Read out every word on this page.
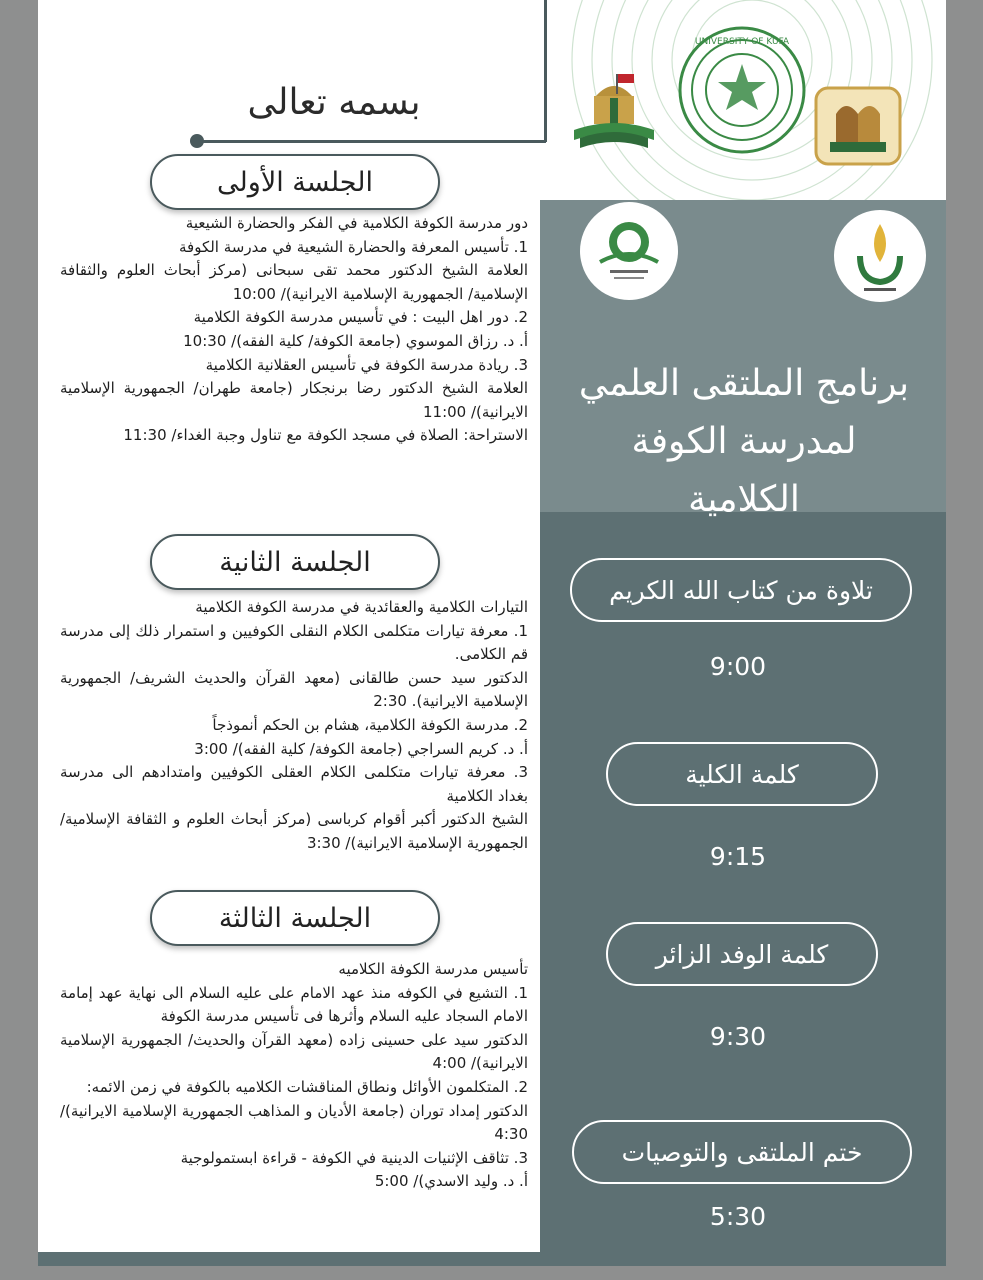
UNIVERSITY OF KUFA
بسمه تعالى
برنامج الملتقى العلمي
لمدرسة الكوفة
الكلامية
تلاوة من كتاب الله الكريم
9:00
كلمة الكلية
9:15
كلمة الوفد الزائر
9:30
ختم الملتقى والتوصيات
5:30
الجلسة الأولى

دور مدرسة الكوفة الكلامية في الفكر والحضارة الشيعية

1. تأسيس المعرفة والحضارة الشيعية في مدرسة الكوفة

العلامة الشيخ الدكتور محمد تقى سبحانى (مركز أبحاث العلوم والثقافة الإسلامية/ الجمهورية الإسلامية الايرانية)/ 10:00

2. دور اهل البيت : في تأسيس مدرسة الكوفة الكلامية

أ. د. رزاق الموسوي (جامعة الكوفة/ كلية الفقه)/ 10:30

3. ريادة مدرسة الكوفة في تأسيس العقلانية الكلامية

العلامة الشيخ الدكتور رضا برنجكار (جامعة طهران/ الجمهورية الإسلامية الايرانية)/ 11:00

الاستراحة: الصلاة في مسجد الكوفة مع تناول وجبة الغداء/ 11:30

الجلسة الثانية

التيارات الكلامية والعقائدية في مدرسة الكوفة الكلامية

1. معرفة تيارات متكلمى الكلام النقلى الكوفيين و استمرار ذلك إلى مدرسة قم الكلامى.

الدكتور سيد حسن طالقانى (معهد القرآن والحديث الشريف/ الجمهورية الإسلامية الايرانية). 2:30

2. مدرسة الكوفة الكلامية، هشام بن الحكم أنموذجاً

أ. د. كريم السراجي (جامعة الكوفة/ كلية الفقه)/ 3:00

3. معرفة تيارات متكلمى الكلام العقلى الكوفيين وامتدادهم الى مدرسة بغداد الكلامية

الشيخ الدكتور أكبر أقوام كرباسى (مركز أبحاث العلوم و الثقافة الإسلامية/ الجمهورية الإسلامية الايرانية)/ 3:30

الجلسة الثالثة

تأسيس مدرسة الكوفة الكلاميه

1. التشيع في الكوفه منذ عهد الامام على عليه السلام الى نهاية عهد إمامة الامام السجاد عليه السلام وأثرها فى تأسيس مدرسة الكوفة

الدكتور سيد على حسينى زاده (معهد القرآن والحديث/ الجمهورية الإسلامية الايرانية)/ 4:00

2. المتكلمون الأوائل ونطاق المناقشات الكلاميه بالكوفة في زمن الائمه:

الدكتور إمداد توران (جامعة الأديان و المذاهب الجمهورية الإسلامية الايرانية)/ 4:30

3. تثاقف الإثنيات الدينية في الكوفة - قراءة ابستمولوجية

أ. د. وليد الاسدي)/ 5:00
